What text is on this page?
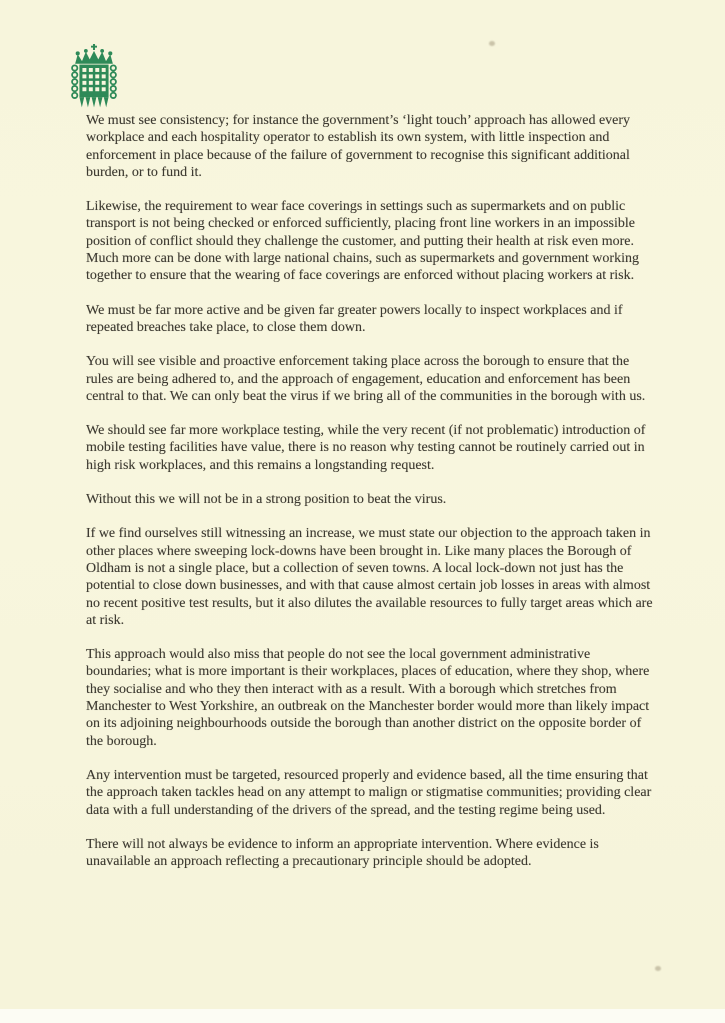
We must see consistency; for instance the government’s ‘light touch’ approach has allowed every workplace and each hospitality operator to establish its own system, with little inspection and enforcement in place because of the failure of government to recognise this significant additional burden, or to fund it.

Likewise, the requirement to wear face coverings in settings such as supermarkets and on public transport is not being checked or enforced sufficiently, placing front line workers in an impossible position of conflict should they challenge the customer, and putting their health at risk even more. Much more can be done with large national chains, such as supermarkets and government working together to ensure that the wearing of face coverings are enforced without placing workers at risk.

We must be far more active and be given far greater powers locally to inspect workplaces and if repeated breaches take place, to close them down.

You will see visible and proactive enforcement taking place across the borough to ensure that the rules are being adhered to, and the approach of engagement, education and enforcement has been central to that. We can only beat the virus if we bring all of the communities in the borough with us.

We should see far more workplace testing, while the very recent (if not problematic) introduction of mobile testing facilities have value, there is no reason why testing cannot be routinely carried out in high risk workplaces, and this remains a longstanding request.

Without this we will not be in a strong position to beat the virus.

If we find ourselves still witnessing an increase, we must state our objection to the approach taken in other places where sweeping lock-downs have been brought in. Like many places the Borough of Oldham is not a single place, but a collection of seven towns. A local lock-down not just has the potential to close down businesses, and with that cause almost certain job losses in areas with almost no recent positive test results, but it also dilutes the available resources to fully target areas which are at risk.

This approach would also miss that people do not see the local government administrative boundaries; what is more important is their workplaces, places of education, where they shop, where they socialise and who they then interact with as a result. With a borough which stretches from Manchester to West Yorkshire, an outbreak on the Manchester border would more than likely impact on its adjoining neighbourhoods outside the borough than another district on the opposite border of the borough.

Any intervention must be targeted, resourced properly and evidence based, all the time ensuring that the approach taken tackles head on any attempt to malign or stigmatise communities; providing clear data with a full understanding of the drivers of the spread, and the testing regime being used.

There will not always be evidence to inform an appropriate intervention. Where evidence is unavailable an approach reflecting a precautionary principle should be adopted.
